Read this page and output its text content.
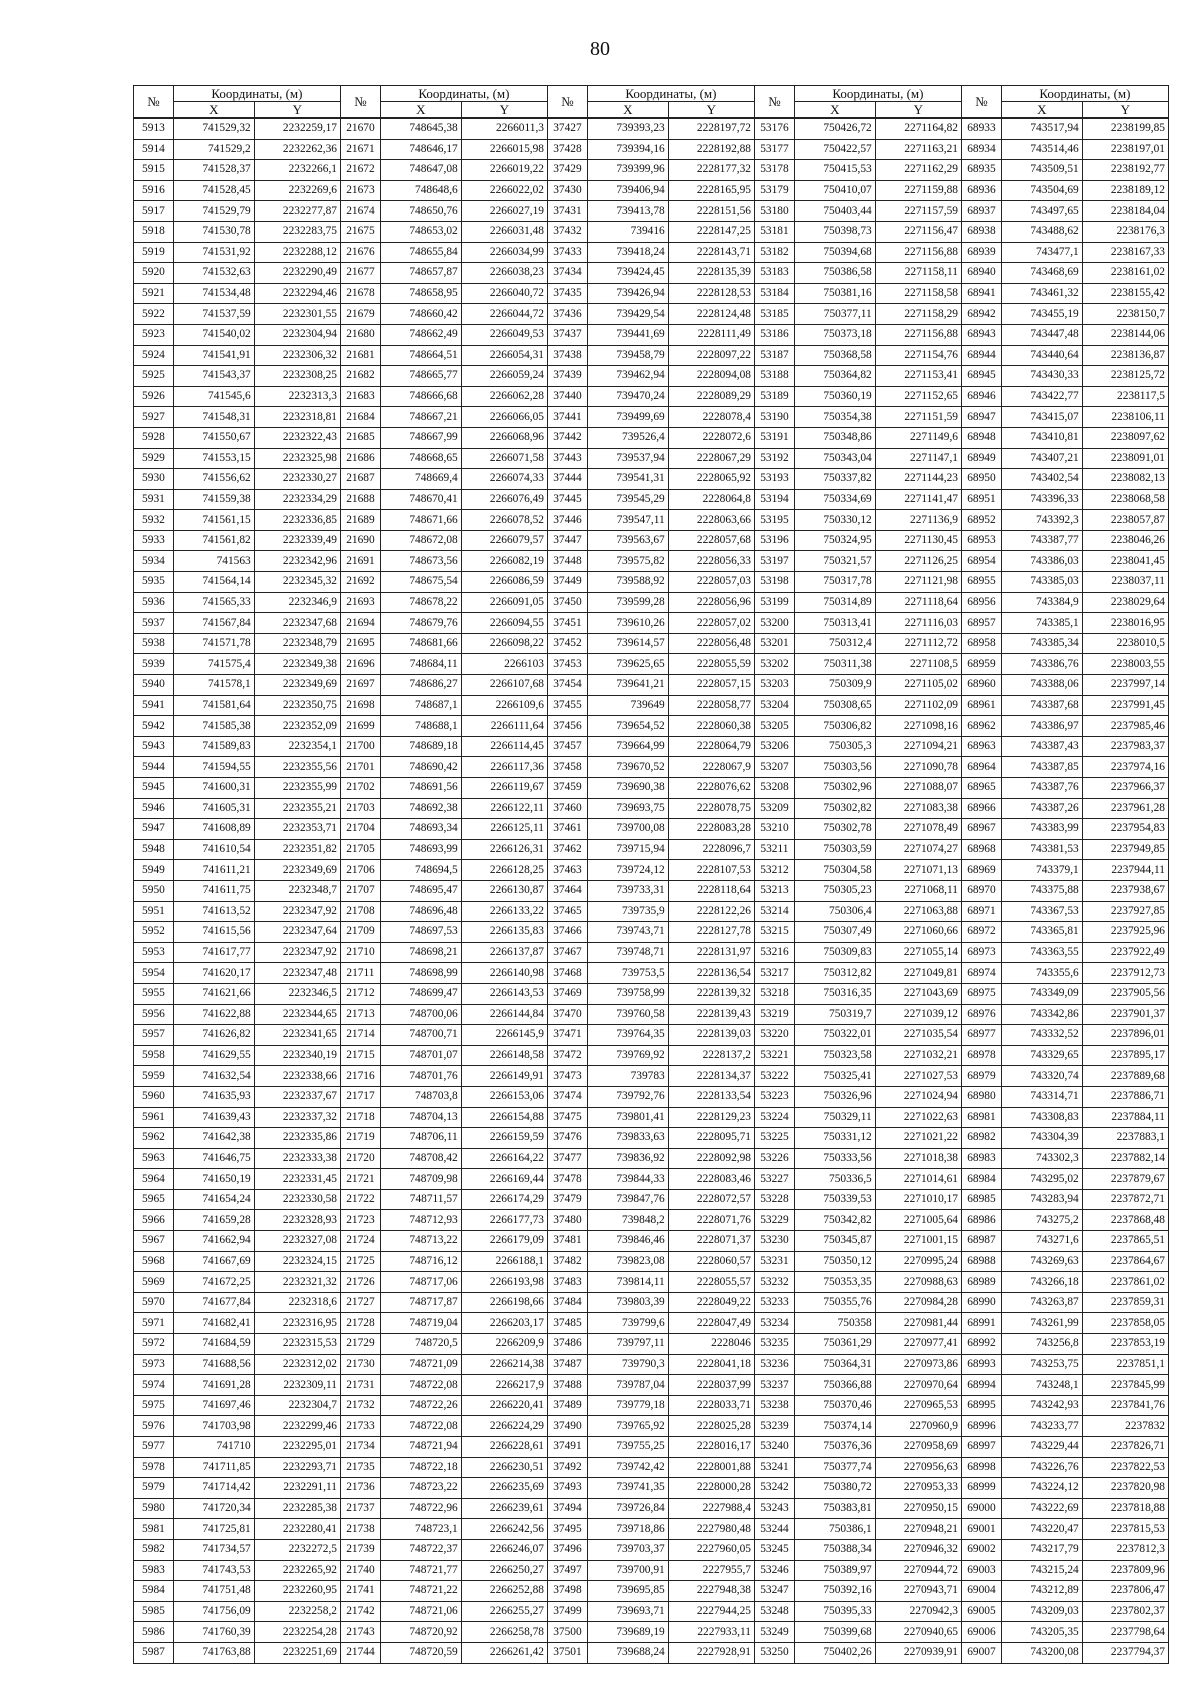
80
№	Координаты, (м)		№	Координаты, (м)		№	Координаты, (м)		№	Координаты, (м)		№	Координаты, (м)	
	X	Y		X	Y		X	Y		X	Y		X	Y
5913	741529,32	2232259,17	21670	748645,38	2266011,3	37427	739393,23	2228197,72	53176	750426,72	2271164,82	68933	743517,94	2238199,85
5914	741529,2	2232262,36	21671	748646,17	2266015,98	37428	739394,16	2228192,88	53177	750422,57	2271163,21	68934	743514,46	2238197,01
5915	741528,37	2232266,1	21672	748647,08	2266019,22	37429	739399,96	2228177,32	53178	750415,53	2271162,29	68935	743509,51	2238192,77
5916	741528,45	2232269,6	21673	748648,6	2266022,02	37430	739406,94	2228165,95	53179	750410,07	2271159,88	68936	743504,69	2238189,12
5917	741529,79	2232277,87	21674	748650,76	2266027,19	37431	739413,78	2228151,56	53180	750403,44	2271157,59	68937	743497,65	2238184,04
5918	741530,78	2232283,75	21675	748653,02	2266031,48	37432	739416	2228147,25	53181	750398,73	2271156,47	68938	743488,62	2238176,3
5919	741531,92	2232288,12	21676	748655,84	2266034,99	37433	739418,24	2228143,71	53182	750394,68	2271156,88	68939	743477,1	2238167,33
5920	741532,63	2232290,49	21677	748657,87	2266038,23	37434	739424,45	2228135,39	53183	750386,58	2271158,11	68940	743468,69	2238161,02
5921	741534,48	2232294,46	21678	748658,95	2266040,72	37435	739426,94	2228128,53	53184	750381,16	2271158,58	68941	743461,32	2238155,42
5922	741537,59	2232301,55	21679	748660,42	2266044,72	37436	739429,54	2228124,48	53185	750377,11	2271158,29	68942	743455,19	2238150,7
5923	741540,02	2232304,94	21680	748662,49	2266049,53	37437	739441,69	2228111,49	53186	750373,18	2271156,88	68943	743447,48	2238144,06
5924	741541,91	2232306,32	21681	748664,51	2266054,31	37438	739458,79	2228097,22	53187	750368,58	2271154,76	68944	743440,64	2238136,87
5925	741543,37	2232308,25	21682	748665,77	2266059,24	37439	739462,94	2228094,08	53188	750364,82	2271153,41	68945	743430,33	2238125,72
5926	741545,6	2232313,3	21683	748666,68	2266062,28	37440	739470,24	2228089,29	53189	750360,19	2271152,65	68946	743422,77	2238117,5
5927	741548,31	2232318,81	21684	748667,21	2266066,05	37441	739499,69	2228078,4	53190	750354,38	2271151,59	68947	743415,07	2238106,11
5928	741550,67	2232322,43	21685	748667,99	2266068,96	37442	739526,4	2228072,6	53191	750348,86	2271149,6	68948	743410,81	2238097,62
5929	741553,15	2232325,98	21686	748668,65	2266071,58	37443	739537,94	2228067,29	53192	750343,04	2271147,1	68949	743407,21	2238091,01
5930	741556,62	2232330,27	21687	748669,4	2266074,33	37444	739541,31	2228065,92	53193	750337,82	2271144,23	68950	743402,54	2238082,13
5931	741559,38	2232334,29	21688	748670,41	2266076,49	37445	739545,29	2228064,8	53194	750334,69	2271141,47	68951	743396,33	2238068,58
5932	741561,15	2232336,85	21689	748671,66	2266078,52	37446	739547,11	2228063,66	53195	750330,12	2271136,9	68952	743392,3	2238057,87
5933	741561,82	2232339,49	21690	748672,08	2266079,57	37447	739563,67	2228057,68	53196	750324,95	2271130,45	68953	743387,77	2238046,26
5934	741563	2232342,96	21691	748673,56	2266082,19	37448	739575,82	2228056,33	53197	750321,57	2271126,25	68954	743386,03	2238041,45
5935	741564,14	2232345,32	21692	748675,54	2266086,59	37449	739588,92	2228057,03	53198	750317,78	2271121,98	68955	743385,03	2238037,11
5936	741565,33	2232346,9	21693	748678,22	2266091,05	37450	739599,28	2228056,96	53199	750314,89	2271118,64	68956	743384,9	2238029,64
5937	741567,84	2232347,68	21694	748679,76	2266094,55	37451	739610,26	2228057,02	53200	750313,41	2271116,03	68957	743385,1	2238016,95
5938	741571,78	2232348,79	21695	748681,66	2266098,22	37452	739614,57	2228056,48	53201	750312,4	2271112,72	68958	743385,34	2238010,5
5939	741575,4	2232349,38	21696	748684,11	2266103	37453	739625,65	2228055,59	53202	750311,38	2271108,5	68959	743386,76	2238003,55
5940	741578,1	2232349,69	21697	748686,27	2266107,68	37454	739641,21	2228057,15	53203	750309,9	2271105,02	68960	743388,06	2237997,14
5941	741581,64	2232350,75	21698	748687,1	2266109,6	37455	739649	2228058,77	53204	750308,65	2271102,09	68961	743387,68	2237991,45
5942	741585,38	2232352,09	21699	748688,1	2266111,64	37456	739654,52	2228060,38	53205	750306,82	2271098,16	68962	743386,97	2237985,46
5943	741589,83	2232354,1	21700	748689,18	2266114,45	37457	739664,99	2228064,79	53206	750305,3	2271094,21	68963	743387,43	2237983,37
5944	741594,55	2232355,56	21701	748690,42	2266117,36	37458	739670,52	2228067,9	53207	750303,56	2271090,78	68964	743387,85	2237974,16
5945	741600,31	2232355,99	21702	748691,56	2266119,67	37459	739690,38	2228076,62	53208	750302,96	2271088,07	68965	743387,76	2237966,37
5946	741605,31	2232355,21	21703	748692,38	2266122,11	37460	739693,75	2228078,75	53209	750302,82	2271083,38	68966	743387,26	2237961,28
5947	741608,89	2232353,71	21704	748693,34	2266125,11	37461	739700,08	2228083,28	53210	750302,78	2271078,49	68967	743383,99	2237954,83
5948	741610,54	2232351,82	21705	748693,99	2266126,31	37462	739715,94	2228096,7	53211	750303,59	2271074,27	68968	743381,53	2237949,85
5949	741611,21	2232349,69	21706	748694,5	2266128,25	37463	739724,12	2228107,53	53212	750304,58	2271071,13	68969	743379,1	2237944,11
5950	741611,75	2232348,7	21707	748695,47	2266130,87	37464	739733,31	2228118,64	53213	750305,23	2271068,11	68970	743375,88	2237938,67
5951	741613,52	2232347,92	21708	748696,48	2266133,22	37465	739735,9	2228122,26	53214	750306,4	2271063,88	68971	743367,53	2237927,85
5952	741615,56	2232347,64	21709	748697,53	2266135,83	37466	739743,71	2228127,78	53215	750307,49	2271060,66	68972	743365,81	2237925,96
5953	741617,77	2232347,92	21710	748698,21	2266137,87	37467	739748,71	2228131,97	53216	750309,83	2271055,14	68973	743363,55	2237922,49
5954	741620,17	2232347,48	21711	748698,99	2266140,98	37468	739753,5	2228136,54	53217	750312,82	2271049,81	68974	743355,6	2237912,73
5955	741621,66	2232346,5	21712	748699,47	2266143,53	37469	739758,99	2228139,32	53218	750316,35	2271043,69	68975	743349,09	2237905,56
5956	741622,88	2232344,65	21713	748700,06	2266144,84	37470	739760,58	2228139,43	53219	750319,7	2271039,12	68976	743342,86	2237901,37
5957	741626,82	2232341,65	21714	748700,71	2266145,9	37471	739764,35	2228139,03	53220	750322,01	2271035,54	68977	743332,52	2237896,01
5958	741629,55	2232340,19	21715	748701,07	2266148,58	37472	739769,92	2228137,2	53221	750323,58	2271032,21	68978	743329,65	2237895,17
5959	741632,54	2232338,66	21716	748701,76	2266149,91	37473	739783	2228134,37	53222	750325,41	2271027,53	68979	743320,74	2237889,68
5960	741635,93	2232337,67	21717	748703,8	2266153,06	37474	739792,76	2228133,54	53223	750326,96	2271024,94	68980	743314,71	2237886,71
5961	741639,43	2232337,32	21718	748704,13	2266154,88	37475	739801,41	2228129,23	53224	750329,11	2271022,63	68981	743308,83	2237884,11
5962	741642,38	2232335,86	21719	748706,11	2266159,59	37476	739833,63	2228095,71	53225	750331,12	2271021,22	68982	743304,39	2237883,1
5963	741646,75	2232333,38	21720	748708,42	2266164,22	37477	739836,92	2228092,98	53226	750333,56	2271018,38	68983	743302,3	2237882,14
5964	741650,19	2232331,45	21721	748709,98	2266169,44	37478	739844,33	2228083,46	53227	750336,5	2271014,61	68984	743295,02	2237879,67
5965	741654,24	2232330,58	21722	748711,57	2266174,29	37479	739847,76	2228072,57	53228	750339,53	2271010,17	68985	743283,94	2237872,71
5966	741659,28	2232328,93	21723	748712,93	2266177,73	37480	739848,2	2228071,76	53229	750342,82	2271005,64	68986	743275,2	2237868,48
5967	741662,94	2232327,08	21724	748713,22	2266179,09	37481	739846,46	2228071,37	53230	750345,87	2271001,15	68987	743271,6	2237865,51
5968	741667,69	2232324,15	21725	748716,12	2266188,1	37482	739823,08	2228060,57	53231	750350,12	2270995,24	68988	743269,63	2237864,67
5969	741672,25	2232321,32	21726	748717,06	2266193,98	37483	739814,11	2228055,57	53232	750353,35	2270988,63	68989	743266,18	2237861,02
5970	741677,84	2232318,6	21727	748717,87	2266198,66	37484	739803,39	2228049,22	53233	750355,76	2270984,28	68990	743263,87	2237859,31
5971	741682,41	2232316,95	21728	748719,04	2266203,17	37485	739799,6	2228047,49	53234	750358	2270981,44	68991	743261,99	2237858,05
5972	741684,59	2232315,53	21729	748720,5	2266209,9	37486	739797,11	2228046	53235	750361,29	2270977,41	68992	743256,8	2237853,19
5973	741688,56	2232312,02	21730	748721,09	2266214,38	37487	739790,3	2228041,18	53236	750364,31	2270973,86	68993	743253,75	2237851,1
5974	741691,28	2232309,11	21731	748722,08	2266217,9	37488	739787,04	2228037,99	53237	750366,88	2270970,64	68994	743248,1	2237845,99
5975	741697,46	2232304,7	21732	748722,26	2266220,41	37489	739779,18	2228033,71	53238	750370,46	2270965,53	68995	743242,93	2237841,76
5976	741703,98	2232299,46	21733	748722,08	2266224,29	37490	739765,92	2228025,28	53239	750374,14	2270960,9	68996	743233,77	2237832
5977	741710	2232295,01	21734	748721,94	2266228,61	37491	739755,25	2228016,17	53240	750376,36	2270958,69	68997	743229,44	2237826,71
5978	741711,85	2232293,71	21735	748722,18	2266230,51	37492	739742,42	2228001,88	53241	750377,74	2270956,63	68998	743226,76	2237822,53
5979	741714,42	2232291,11	21736	748723,22	2266235,69	37493	739741,35	2228000,28	53242	750380,72	2270953,33	68999	743224,12	2237820,98
5980	741720,34	2232285,38	21737	748722,96	2266239,61	37494	739726,84	2227988,4	53243	750383,81	2270950,15	69000	743222,69	2237818,88
5981	741725,81	2232280,41	21738	748723,1	2266242,56	37495	739718,86	2227980,48	53244	750386,1	2270948,21	69001	743220,47	2237815,53
5982	741734,57	2232272,5	21739	748722,37	2266246,07	37496	739703,37	2227960,05	53245	750388,34	2270946,32	69002	743217,79	2237812,3
5983	741743,53	2232265,92	21740	748721,77	2266250,27	37497	739700,91	2227955,7	53246	750389,97	2270944,72	69003	743215,24	2237809,96
5984	741751,48	2232260,95	21741	748721,22	2266252,88	37498	739695,85	2227948,38	53247	750392,16	2270943,71	69004	743212,89	2237806,47
5985	741756,09	2232258,2	21742	748721,06	2266255,27	37499	739693,71	2227944,25	53248	750395,33	2270942,3	69005	743209,03	2237802,37
5986	741760,39	2232254,28	21743	748720,92	2266258,78	37500	739689,19	2227933,11	53249	750399,68	2270940,65	69006	743205,35	2237798,64
5987	741763,88	2232251,69	21744	748720,59	2266261,42	37501	739688,24	2227928,91	53250	750402,26	2270939,91	69007	743200,08	2237794,37
